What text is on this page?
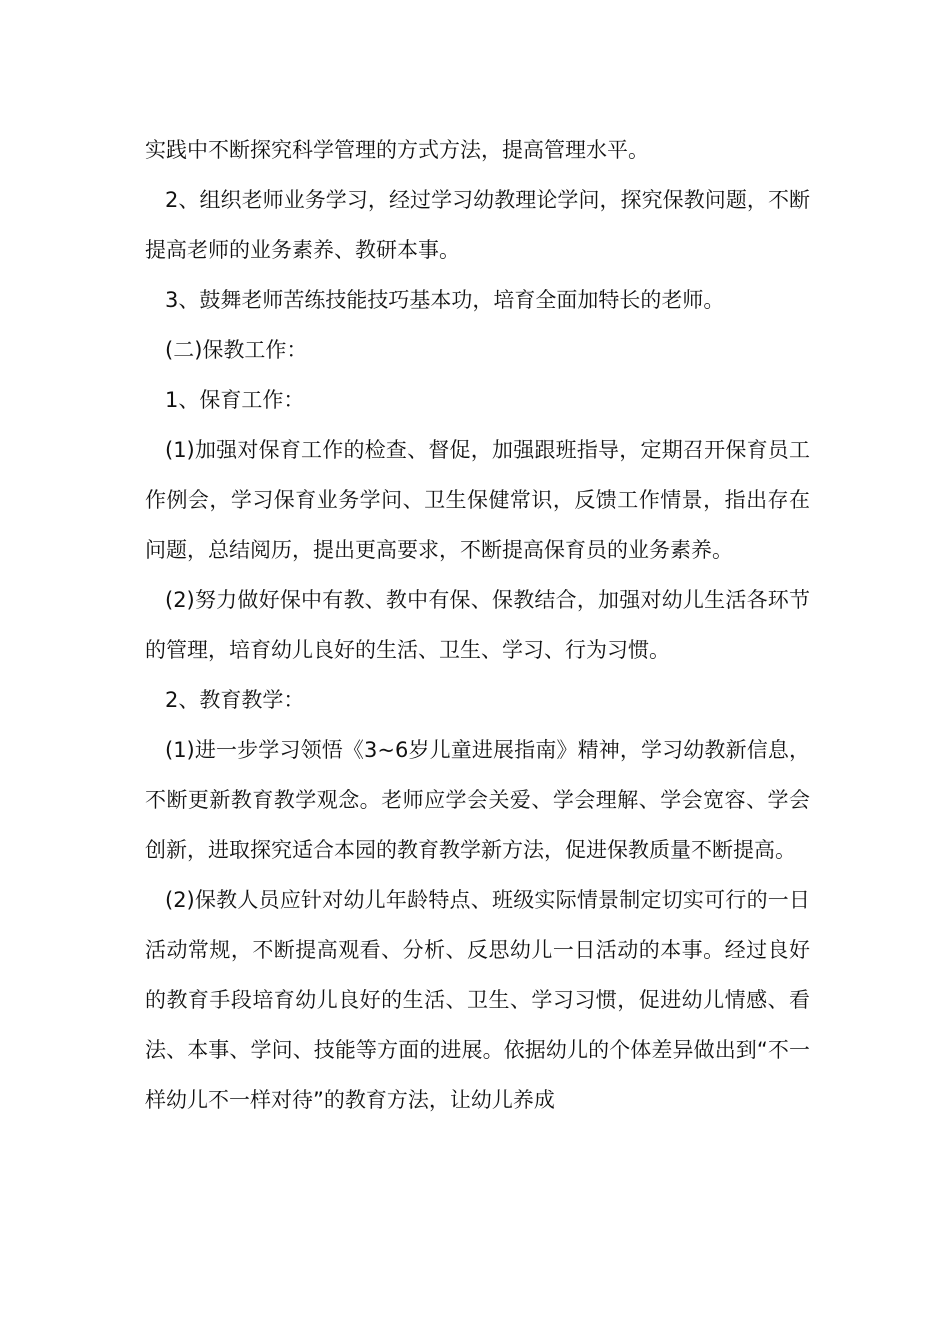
实践中不断探究科学管理的方式方法，提高管理水平。

2、组织老师业务学习，经过学习幼教理论学问，探究保教问题，不断提高老师的业务素养、教研本事。

3、鼓舞老师苦练技能技巧基本功，培育全面加特长的老师。

(二)保教工作：

1、保育工作：

(1)加强对保育工作的检查、督促，加强跟班指导，定期召开保育员工作例会，学习保育业务学问、卫生保健常识，反馈工作情景，指出存在问题，总结阅历，提出更高要求，不断提高保育员的业务素养。

(2)努力做好保中有教、教中有保、保教结合，加强对幼儿生活各环节的管理，培育幼儿良好的生活、卫生、学习、行为习惯。

2、教育教学：

(1)进一步学习领悟《3~6岁儿童进展指南》精神，学习幼教新信息，不断更新教育教学观念。老师应学会关爱、学会理解、学会宽容、学会创新，进取探究适合本园的教育教学新方法，促进保教质量不断提高。

(2)保教人员应针对幼儿年龄特点、班级实际情景制定切实可行的一日活动常规，不断提高观看、分析、反思幼儿一日活动的本事。经过良好的教育手段培育幼儿良好的生活、卫生、学习习惯，促进幼儿情感、看法、本事、学问、技能等方面的进展。依据幼儿的个体差异做出到“不一样幼儿不一样对待”的教育方法，让幼儿养成
